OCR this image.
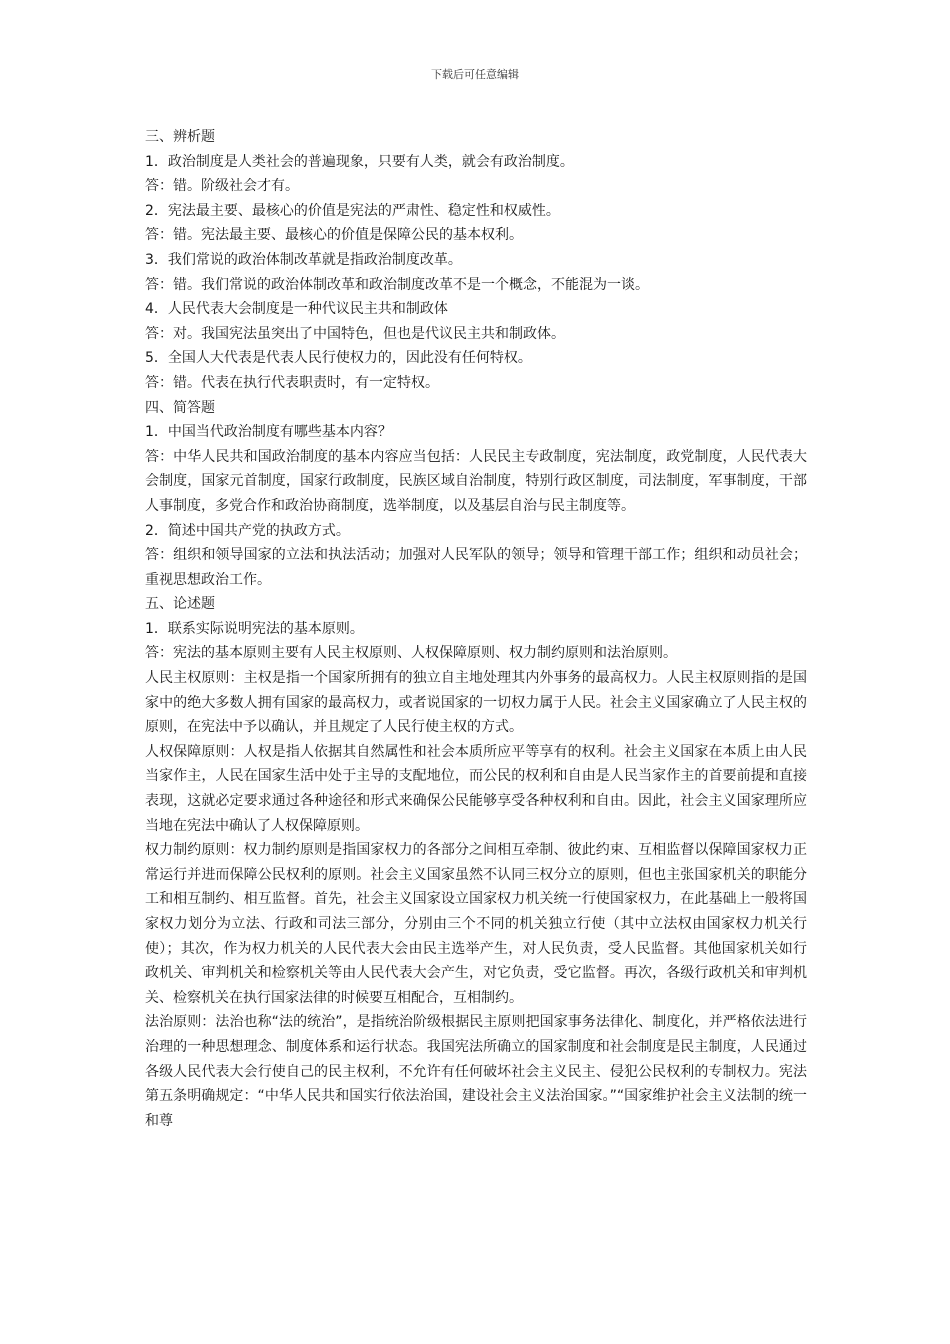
下载后可任意编辑

三、辨析题

1．政治制度是人类社会的普遍现象，只要有人类，就会有政治制度。

答：错。阶级社会才有。

2．宪法最主要、最核心的价值是宪法的严肃性、稳定性和权威性。

答：错。宪法最主要、最核心的价值是保障公民的基本权利。

3．我们常说的政治体制改革就是指政治制度改革。

答：错。我们常说的政治体制改革和政治制度改革不是一个概念，不能混为一谈。

4．人民代表大会制度是一种代议民主共和制政体

答：对。我国宪法虽突出了中国特色，但也是代议民主共和制政体。

5．全国人大代表是代表人民行使权力的，因此没有任何特权。

答：错。代表在执行代表职责时，有一定特权。

四、简答题

1．中国当代政治制度有哪些基本内容？

答：中华人民共和国政治制度的基本内容应当包括：人民民主专政制度，宪法制度，政党制度，人民代表大会制度，国家元首制度，国家行政制度，民族区域自治制度，特别行政区制度，司法制度，军事制度，干部人事制度，多党合作和政治协商制度，选举制度，以及基层自治与民主制度等。

2．简述中国共产党的执政方式。

答：组织和领导国家的立法和执法活动；加强对人民军队的领导；领导和管理干部工作；组织和动员社会；重视思想政治工作。

五、论述题

1．联系实际说明宪法的基本原则。

答：宪法的基本原则主要有人民主权原则、人权保障原则、权力制约原则和法治原则。

人民主权原则：主权是指一个国家所拥有的独立自主地处理其内外事务的最高权力。人民主权原则指的是国家中的绝大多数人拥有国家的最高权力，或者说国家的一切权力属于人民。社会主义国家确立了人民主权的原则，在宪法中予以确认，并且规定了人民行使主权的方式。

人权保障原则：人权是指人依据其自然属性和社会本质所应平等享有的权利。社会主义国家在本质上由人民当家作主，人民在国家生活中处于主导的支配地位，而公民的权利和自由是人民当家作主的首要前提和直接表现，这就必定要求通过各种途径和形式来确保公民能够享受各种权利和自由。因此，社会主义国家理所应当地在宪法中确认了人权保障原则。

权力制约原则：权力制约原则是指国家权力的各部分之间相互牵制、彼此约束、互相监督以保障国家权力正常运行并进而保障公民权利的原则。社会主义国家虽然不认同三权分立的原则，但也主张国家机关的职能分工和相互制约、相互监督。首先，社会主义国家设立国家权力机关统一行使国家权力，在此基础上一般将国家权力划分为立法、行政和司法三部分，分别由三个不同的机关独立行使（其中立法权由国家权力机关行使）；其次，作为权力机关的人民代表大会由民主选举产生，对人民负责，受人民监督。其他国家机关如行政机关、审判机关和检察机关等由人民代表大会产生，对它负责，受它监督。再次，各级行政机关和审判机关、检察机关在执行国家法律的时候要互相配合，互相制约。

法治原则：法治也称“法的统治”，是指统治阶级根据民主原则把国家事务法律化、制度化，并严格依法进行治理的一种思想理念、制度体系和运行状态。我国宪法所确立的国家制度和社会制度是民主制度，人民通过各级人民代表大会行使自己的民主权利，不允许有任何破坏社会主义民主、侵犯公民权利的专制权力。宪法第五条明确规定：“中华人民共和国实行依法治国，建设社会主义法治国家。”“国家维护社会主义法制的统一和尊
